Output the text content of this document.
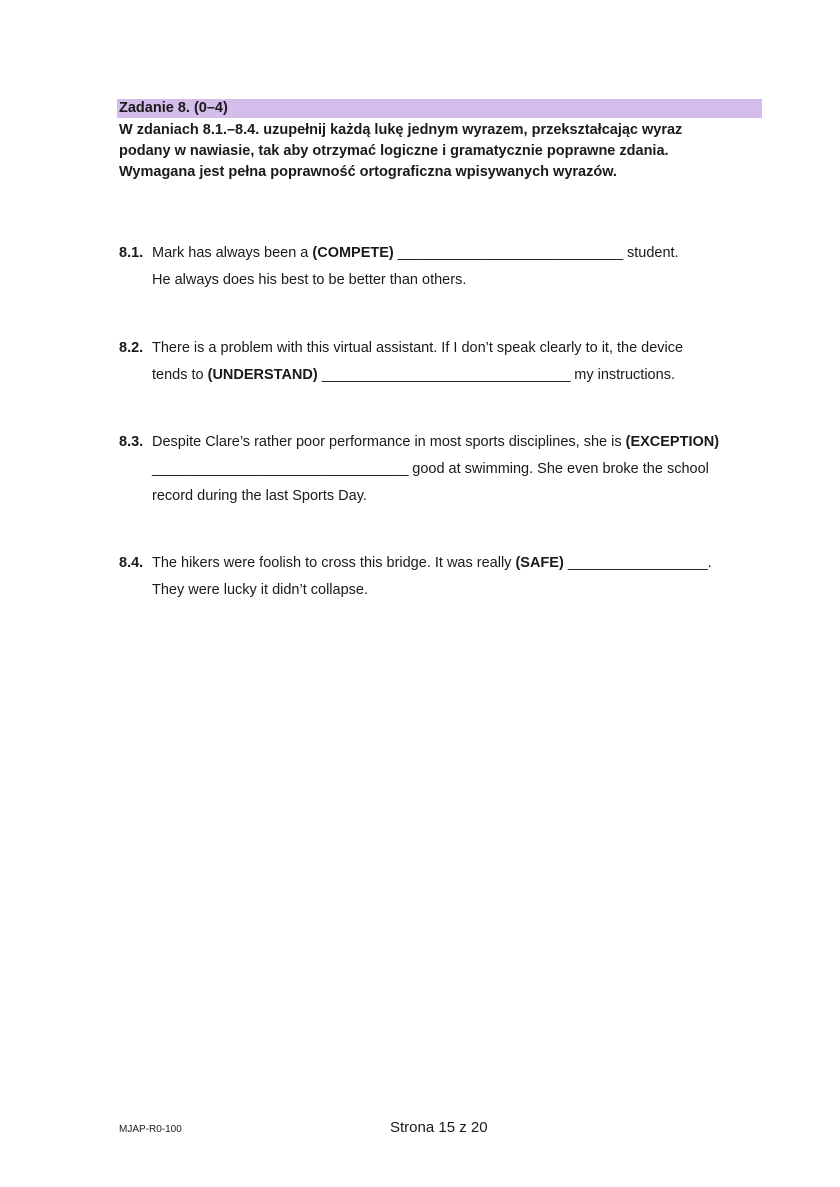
Zadanie 8. (0–4)

W zdaniach 8.1.–8.4. uzupełnij każdą lukę jednym wyrazem, przekształcając wyraz

podany w nawiasie, tak aby otrzymać logiczne i gramatycznie poprawne zdania.

Wymagana jest pełna poprawność ortograficzna wpisywanych wyrazów.

8.1. Mark has always been a (COMPETE) _____________________________ student.
He always does his best to be better than others.
8.2. There is a problem with this virtual assistant. If I don’t speak clearly to it, the device
tends to (UNDERSTAND) ________________________________ my instructions.
8.3. Despite Clare’s rather poor performance in most sports disciplines, she is (EXCEPTION)
_________________________________ good at swimming. She even broke the school
record during the last Sports Day.
8.4. The hikers were foolish to cross this bridge. It was really (SAFE) __________________.
They were lucky it didn’t collapse.
MJAP-R0-100	Strona 15 z 20
